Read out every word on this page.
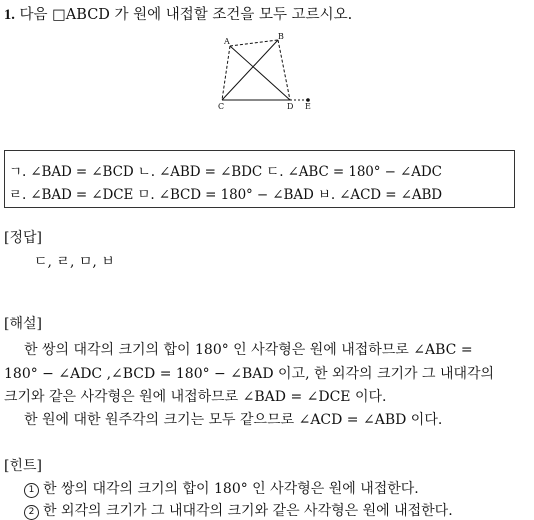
1. 다음 □ABCD 가 원에 내접할 조건을 모두 고르시오.
A
B
C	D E
ㄱ. ∠BAD = ∠BCD ㄴ. ∠ABD = ∠BDC ㄷ. ∠ABC = 180° − ∠ADC
ㄹ. ∠BAD = ∠DCE ㅁ. ∠BCD = 180° − ∠BAD ㅂ. ∠ACD = ∠ABD
[정답]
ㄷ, ㄹ, ㅁ, ㅂ
[해설]
한 쌍의 대각의 크기의 합이 180° 인 사각형은 원에 내접하므로 ∠ABC =
180° − ∠ADC ,∠BCD = 180° − ∠BAD 이고, 한 외각의 크기가 그 내대각의
크기와 같은 사각형은 원에 내접하므로 ∠BAD = ∠DCE 이다.
한 원에 대한 원주각의 크기는 모두 같으므로 ∠ACD = ∠ABD 이다.
[힌트]
1 한 쌍의 대각의 크기의 합이 180° 인 사각형은 원에 내접한다.
2 한 외각의 크기가 그 내대각의 크기와 같은 사각형은 원에 내접한다.
